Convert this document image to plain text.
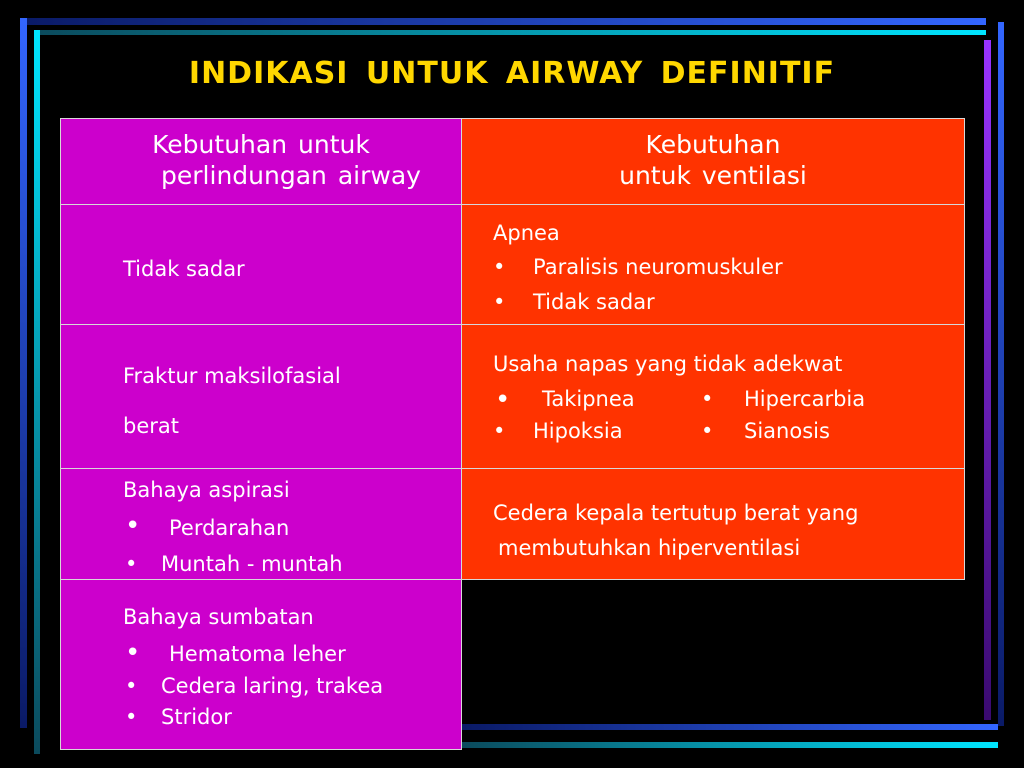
INDIKASI UNTUK AIRWAY DEFINITIF
Kebutuhan untuk
perlindungan airway
Kebutuhan
untuk ventilasi
Tidak sadar
Apnea
• Paralisis neuromuskuler
• Tidak sadar
Fraktur maksilofasial
berat
Usaha napas yang tidak adekwat
• Takipnea	• Hipercarbia
• Hipoksia	• Sianosis
Bahaya aspirasi
• Perdarahan
• Muntah - muntah
Cedera kepala tertutup berat yang
membutuhkan hiperventilasi
Bahaya sumbatan
• Hematoma leher
• Cedera laring, trakea
• Stridor
